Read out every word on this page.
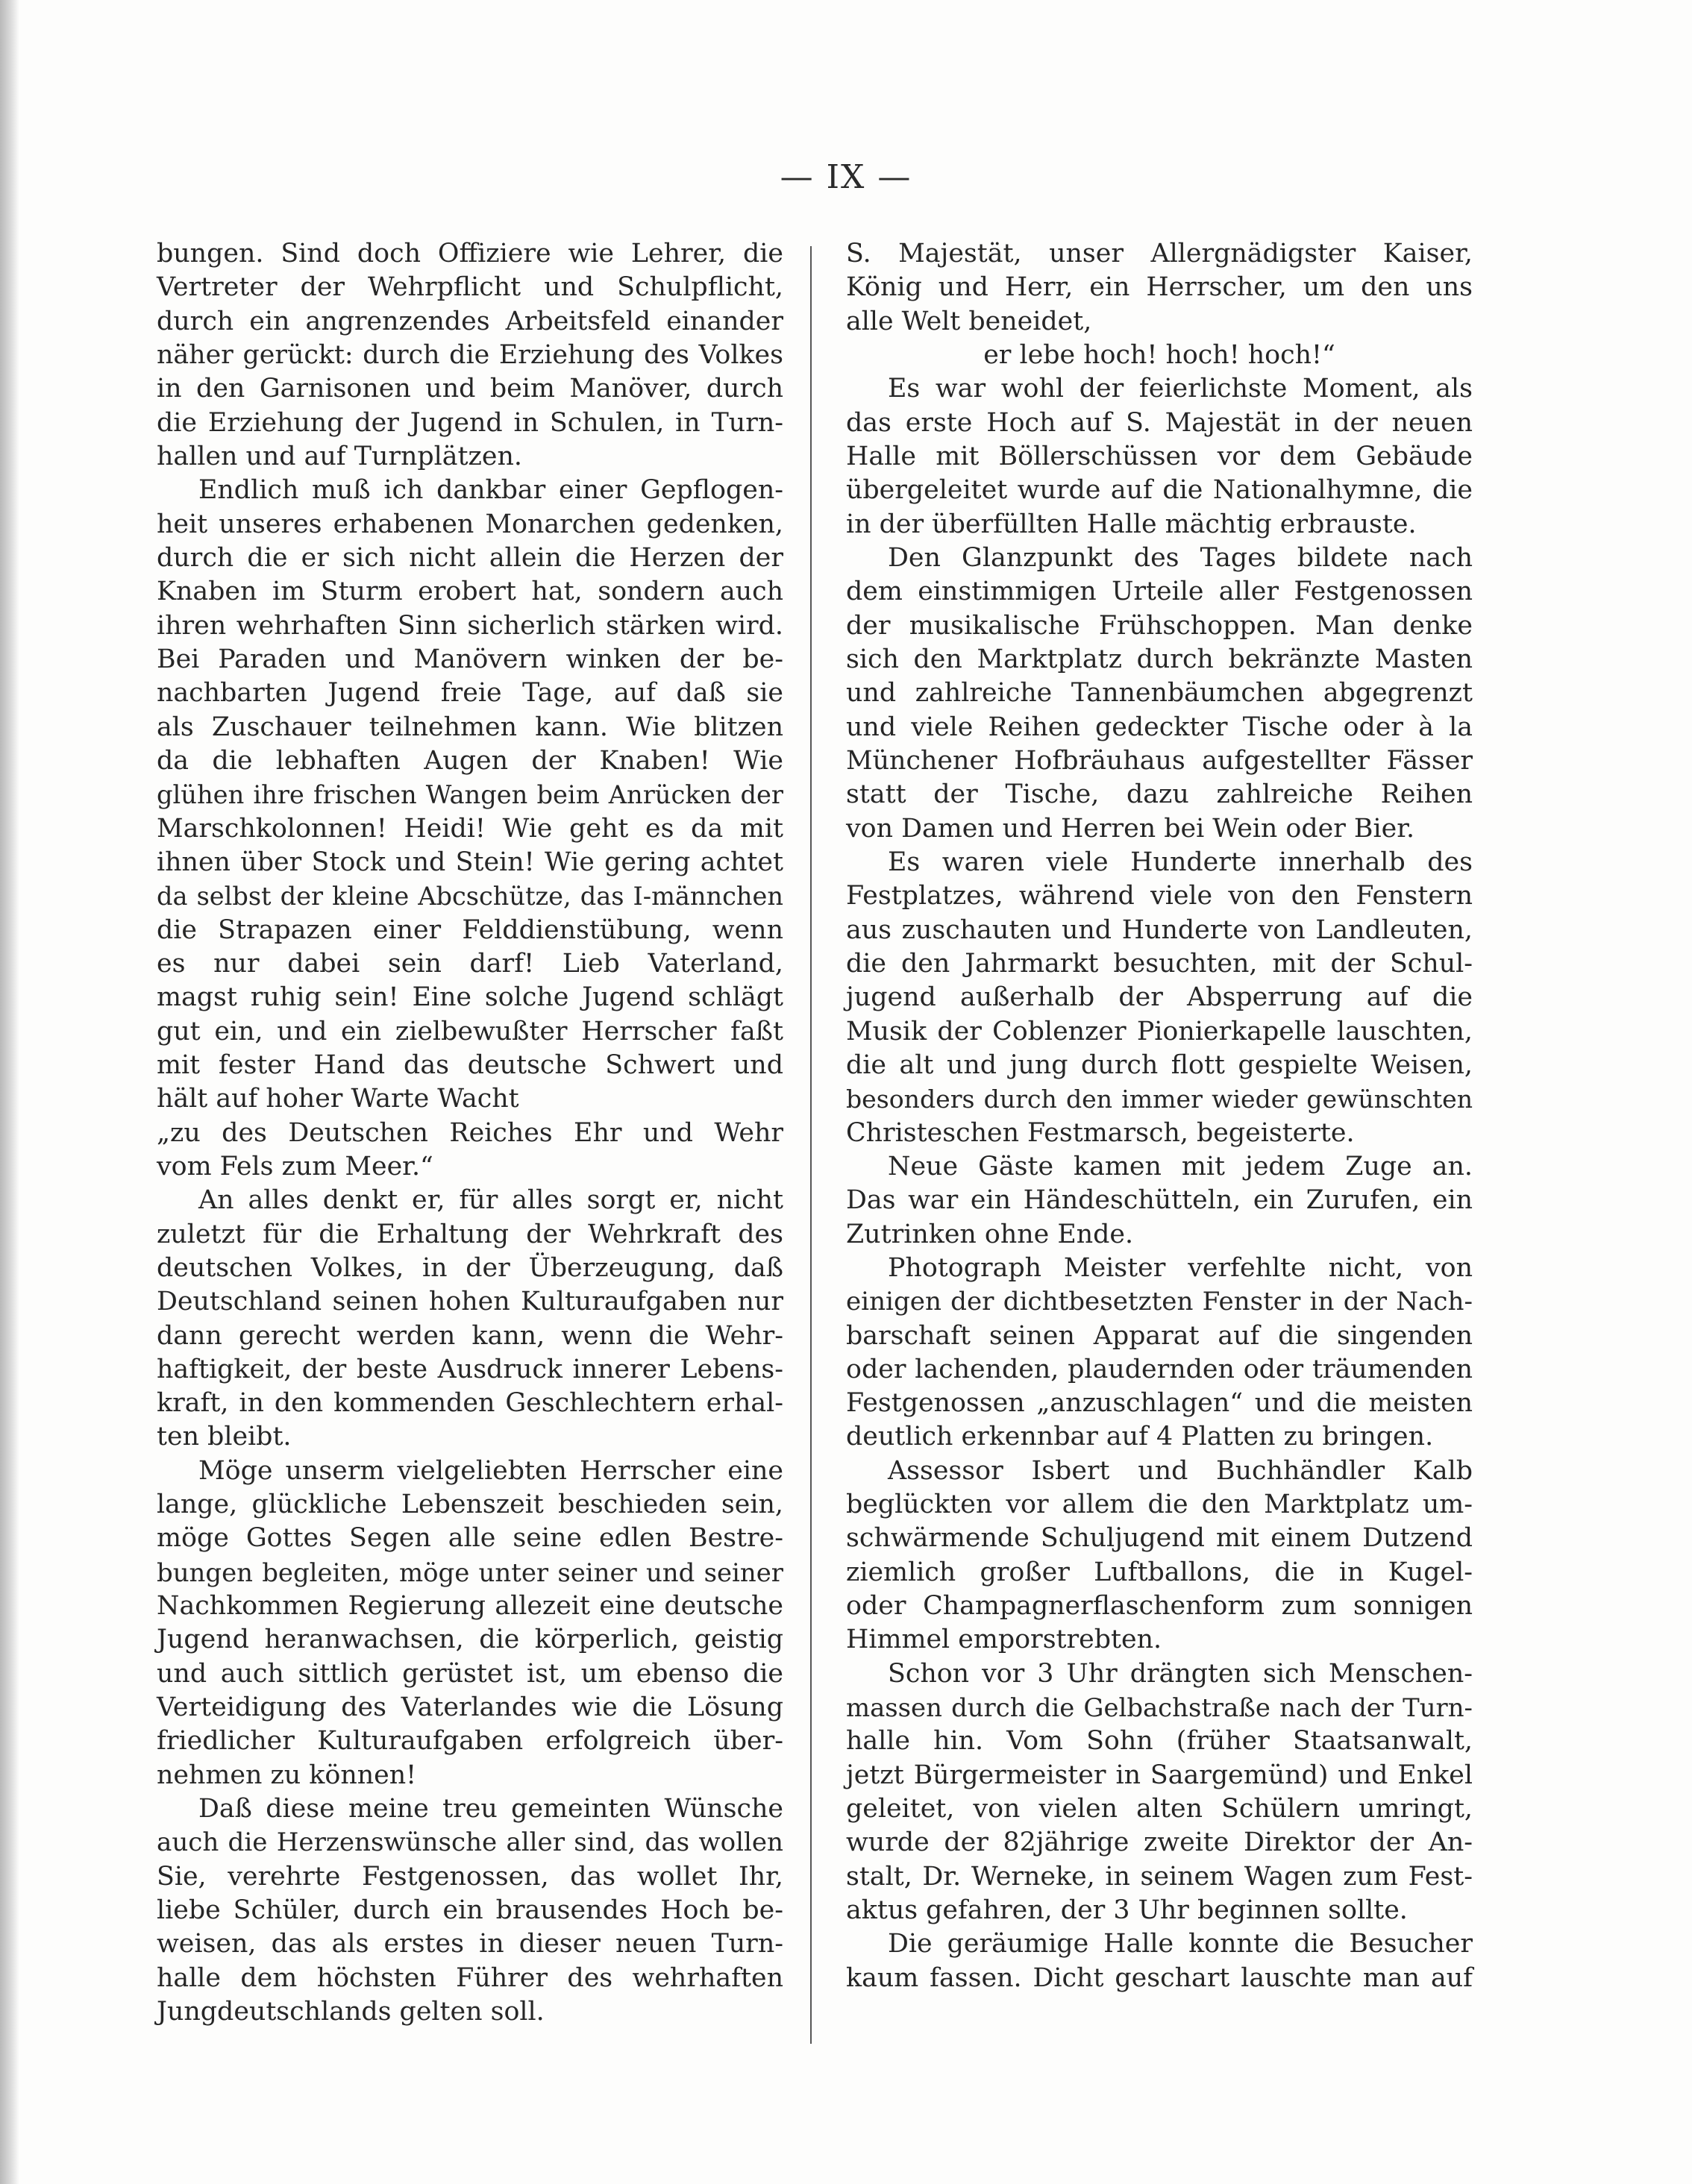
— IX —
bungen. Sind doch Offiziere wie Lehrer, die
Vertreter der Wehrpflicht und Schulpflicht,
durch ein angrenzendes Arbeitsfeld einander
näher gerückt: durch die Erziehung des Volkes
in den Garnisonen und beim Manöver, durch
die Erziehung der Jugend in Schulen, in Turn-
hallen und auf Turnplätzen.
Endlich muß ich dankbar einer Gepflogen-
heit unseres erhabenen Monarchen gedenken,
durch die er sich nicht allein die Herzen der
Knaben im Sturm erobert hat, sondern auch
ihren wehrhaften Sinn sicherlich stärken wird.
Bei Paraden und Manövern winken der be-
nachbarten Jugend freie Tage, auf daß sie
als Zuschauer teilnehmen kann. Wie blitzen
da die lebhaften Augen der Knaben! Wie
glühen ihre frischen Wangen beim Anrücken der
Marschkolonnen! Heidi! Wie geht es da mit
ihnen über Stock und Stein! Wie gering achtet
da selbst der kleine Abcschütze, das I-männchen
die Strapazen einer Felddienstübung, wenn
es nur dabei sein darf! Lieb Vaterland,
magst ruhig sein! Eine solche Jugend schlägt
gut ein, und ein zielbewußter Herrscher faßt
mit fester Hand das deutsche Schwert und
hält auf hoher Warte Wacht
„zu des Deutschen Reiches Ehr und Wehr
vom Fels zum Meer.“
An alles denkt er, für alles sorgt er, nicht
zuletzt für die Erhaltung der Wehrkraft des
deutschen Volkes, in der Überzeugung, daß
Deutschland seinen hohen Kulturaufgaben nur
dann gerecht werden kann, wenn die Wehr-
haftigkeit, der beste Ausdruck innerer Lebens-
kraft, in den kommenden Geschlechtern erhal-
ten bleibt.
Möge unserm vielgeliebten Herrscher eine
lange, glückliche Lebenszeit beschieden sein,
möge Gottes Segen alle seine edlen Bestre-
bungen begleiten, möge unter seiner und seiner
Nachkommen Regierung allezeit eine deutsche
Jugend heranwachsen, die körperlich, geistig
und auch sittlich gerüstet ist, um ebenso die
Verteidigung des Vaterlandes wie die Lösung
friedlicher Kulturaufgaben erfolgreich über-
nehmen zu können!
Daß diese meine treu gemeinten Wünsche
auch die Herzenswünsche aller sind, das wollen
Sie, verehrte Festgenossen, das wollet Ihr,
liebe Schüler, durch ein brausendes Hoch be-
weisen, das als erstes in dieser neuen Turn-
halle dem höchsten Führer des wehrhaften
Jungdeutschlands gelten soll.
S. Majestät, unser Allergnädigster Kaiser,
König und Herr, ein Herrscher, um den uns
alle Welt beneidet,
er lebe hoch! hoch! hoch!“
Es war wohl der feierlichste Moment, als
das erste Hoch auf S. Majestät in der neuen
Halle mit Böllerschüssen vor dem Gebäude
übergeleitet wurde auf die Nationalhymne, die
in der überfüllten Halle mächtig erbrauste.
Den Glanzpunkt des Tages bildete nach
dem einstimmigen Urteile aller Festgenossen
der musikalische Frühschoppen. Man denke
sich den Marktplatz durch bekränzte Masten
und zahlreiche Tannenbäumchen abgegrenzt
und viele Reihen gedeckter Tische oder à la
Münchener Hofbräuhaus aufgestellter Fässer
statt der Tische, dazu zahlreiche Reihen
von Damen und Herren bei Wein oder Bier.
Es waren viele Hunderte innerhalb des
Festplatzes, während viele von den Fenstern
aus zuschauten und Hunderte von Landleuten,
die den Jahrmarkt besuchten, mit der Schul-
jugend außerhalb der Absperrung auf die
Musik der Coblenzer Pionierkapelle lauschten,
die alt und jung durch flott gespielte Weisen,
besonders durch den immer wieder gewünschten
Christeschen Festmarsch, begeisterte.
Neue Gäste kamen mit jedem Zuge an.
Das war ein Händeschütteln, ein Zurufen, ein
Zutrinken ohne Ende.
Photograph Meister verfehlte nicht, von
einigen der dichtbesetzten Fenster in der Nach-
barschaft seinen Apparat auf die singenden
oder lachenden, plaudernden oder träumenden
Festgenossen „anzuschlagen“ und die meisten
deutlich erkennbar auf 4 Platten zu bringen.
Assessor Isbert und Buchhändler Kalb
beglückten vor allem die den Marktplatz um-
schwärmende Schuljugend mit einem Dutzend
ziemlich großer Luftballons, die in Kugel-
oder Champagnerflaschenform zum sonnigen
Himmel emporstrebten.
Schon vor 3 Uhr drängten sich Menschen-
massen durch die Gelbachstraße nach der Turn-
halle hin. Vom Sohn (früher Staatsanwalt,
jetzt Bürgermeister in Saargemünd) und Enkel
geleitet, von vielen alten Schülern umringt,
wurde der 82jährige zweite Direktor der An-
stalt, Dr. Werneke, in seinem Wagen zum Fest-
aktus gefahren, der 3 Uhr beginnen sollte.
Die geräumige Halle konnte die Besucher
kaum fassen. Dicht geschart lauschte man auf
